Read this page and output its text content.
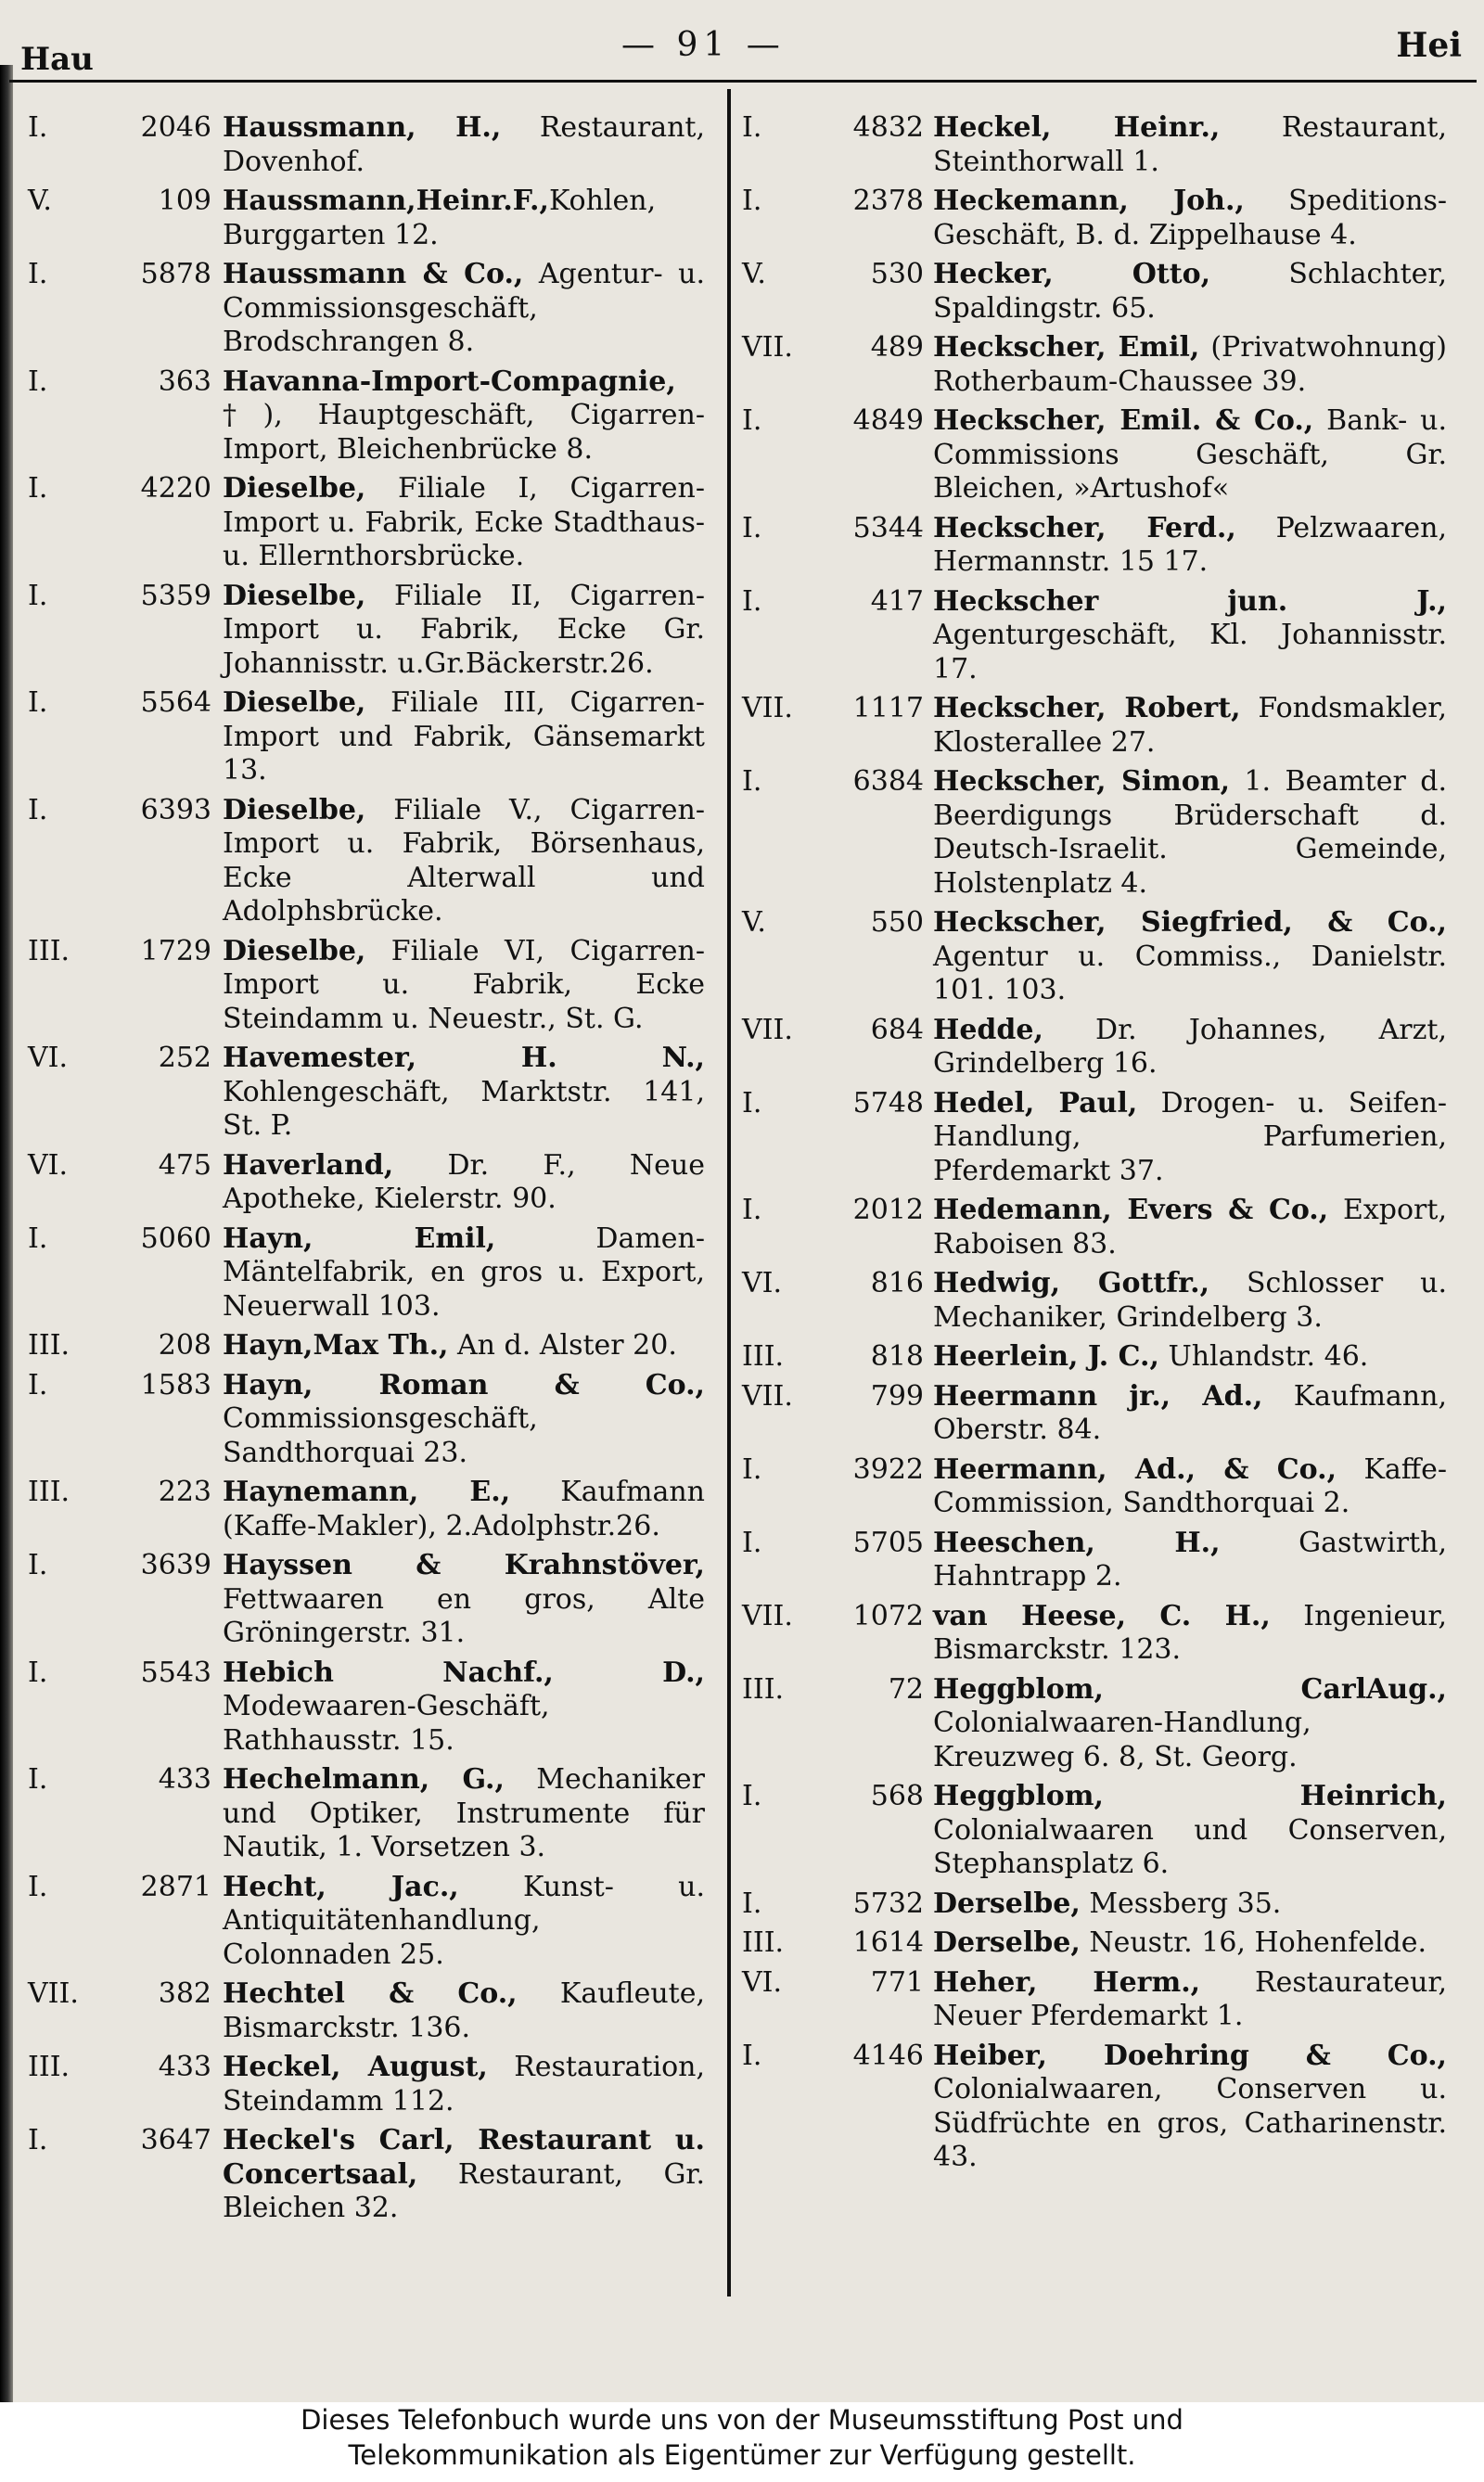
Hau	— 91 —	Hei
I.	2046 Haussmann, H., Restaurant, Dovenhof.
V.	109 Haussmann,Heinr.F.,Kohlen, Burggarten 12.
I.	5878 Haussmann & Co., Agentur- u. Commissionsgeschäft, Brodschrangen 8.
I.	363 Havanna-Import-Compagnie, †), Hauptgeschäft, Cigarren-Import, Bleichenbrücke 8.
I.	4220 Dieselbe, Filiale I, Cigarren-Import u. Fabrik, Ecke Stadthaus- u. Ellernthorsbrücke.
I.	5359 Dieselbe, Filiale II, Cigarren-Import u. Fabrik, Ecke Gr. Johannisstr. u.Gr.Bäckerstr.26.
I.	5564 Dieselbe, Filiale III, Cigarren-Import und Fabrik, Gänsemarkt 13.
I.	6393 Dieselbe, Filiale V., Cigarren-Import u. Fabrik, Börsenhaus, Ecke Alterwall und Adolphsbrücke.
III.	1729 Dieselbe, Filiale VI, Cigarren-Import u. Fabrik, Ecke Steindamm u. Neuestr., St. G.
VI.	252 Havemester, H. N., Kohlengeschäft, Marktstr. 141, St. P.
VI.	475 Haverland, Dr. F., Neue Apotheke, Kielerstr. 90.
I.	5060 Hayn, Emil, Damen-Mäntelfabrik, en gros u. Export, Neuerwall 103.
III.	208 Hayn,Max Th., An d. Alster 20.
I.	1583 Hayn, Roman & Co., Commissionsgeschäft, Sandthorquai 23.
III.	223 Haynemann, E., Kaufmann (Kaffe-Makler), 2.Adolphstr.26.
I.	3639 Hayssen & Krahnstöver, Fettwaaren en gros, Alte Gröningerstr. 31.
I.	5543 Hebich Nachf., D., Modewaaren-Geschäft, Rathhausstr. 15.
I.	433 Hechelmann, G., Mechaniker und Optiker, Instrumente für Nautik, 1. Vorsetzen 3.
I.	2871 Hecht, Jac., Kunst- u. Antiquitätenhandlung, Colonnaden 25.
VII.	382 Hechtel & Co., Kaufleute, Bismarckstr. 136.
III.	433 Heckel, August, Restauration, Steindamm 112.
I.	3647 Heckel's Carl, Restaurant u. Concertsaal, Restaurant, Gr. Bleichen 32.
I.	4832 Heckel, Heinr., Restaurant, Steinthorwall 1.
I.	2378 Heckemann, Joh., Speditions-Geschäft, B. d. Zippelhause 4.
V.	530 Hecker, Otto, Schlachter, Spaldingstr. 65.
VII.	489 Heckscher, Emil, (Privatwohnung) Rotherbaum-Chaussee 39.
I.	4849 Heckscher, Emil. & Co., Bank- u. Commissions Geschäft, Gr. Bleichen, »Artushof«
I.	5344 Heckscher, Ferd., Pelzwaaren, Hermannstr. 15 17.
I.	417 Heckscher jun. J., Agenturgeschäft, Kl. Johannisstr. 17.
VII.	1117 Heckscher, Robert, Fondsmakler, Klosterallee 27.
I.	6384 Heckscher, Simon, 1. Beamter d. Beerdigungs Brüderschaft d. Deutsch-Israelit. Gemeinde, Holstenplatz 4.
V.	550 Heckscher, Siegfried, & Co., Agentur u. Commiss., Danielstr. 101. 103.
VII.	684 Hedde, Dr. Johannes, Arzt, Grindelberg 16.
I.	5748 Hedel, Paul, Drogen- u. Seifen-Handlung, Parfumerien, Pferdemarkt 37.
I.	2012 Hedemann, Evers & Co., Export, Raboisen 83.
VI.	816 Hedwig, Gottfr., Schlosser u. Mechaniker, Grindelberg 3.
III.	818 Heerlein, J. C., Uhlandstr. 46.
VII.	799 Heermann jr., Ad., Kaufmann, Oberstr. 84.
I.	3922 Heermann, Ad., & Co., Kaffe-Commission, Sandthorquai 2.
I.	5705 Heeschen, H., Gastwirth, Hahntrapp 2.
VII.	1072 van Heese, C. H., Ingenieur, Bismarckstr. 123.
III.	72 Heggblom, CarlAug., Colonialwaaren-Handlung, Kreuzweg 6. 8, St. Georg.
I.	568 Heggblom, Heinrich, Colonialwaaren und Conserven, Stephansplatz 6.
I.	5732 Derselbe, Messberg 35.
III.	1614 Derselbe, Neustr. 16, Hohenfelde.
VI.	771 Heher, Herm., Restaurateur, Neuer Pferdemarkt 1.
I.	4146 Heiber, Doehring & Co., Colonialwaaren, Conserven u. Südfrüchte en gros, Catharinenstr. 43.
Dieses Telefonbuch wurde uns von der Museumsstiftung Post und
Telekommunikation als Eigentümer zur Verfügung gestellt.
